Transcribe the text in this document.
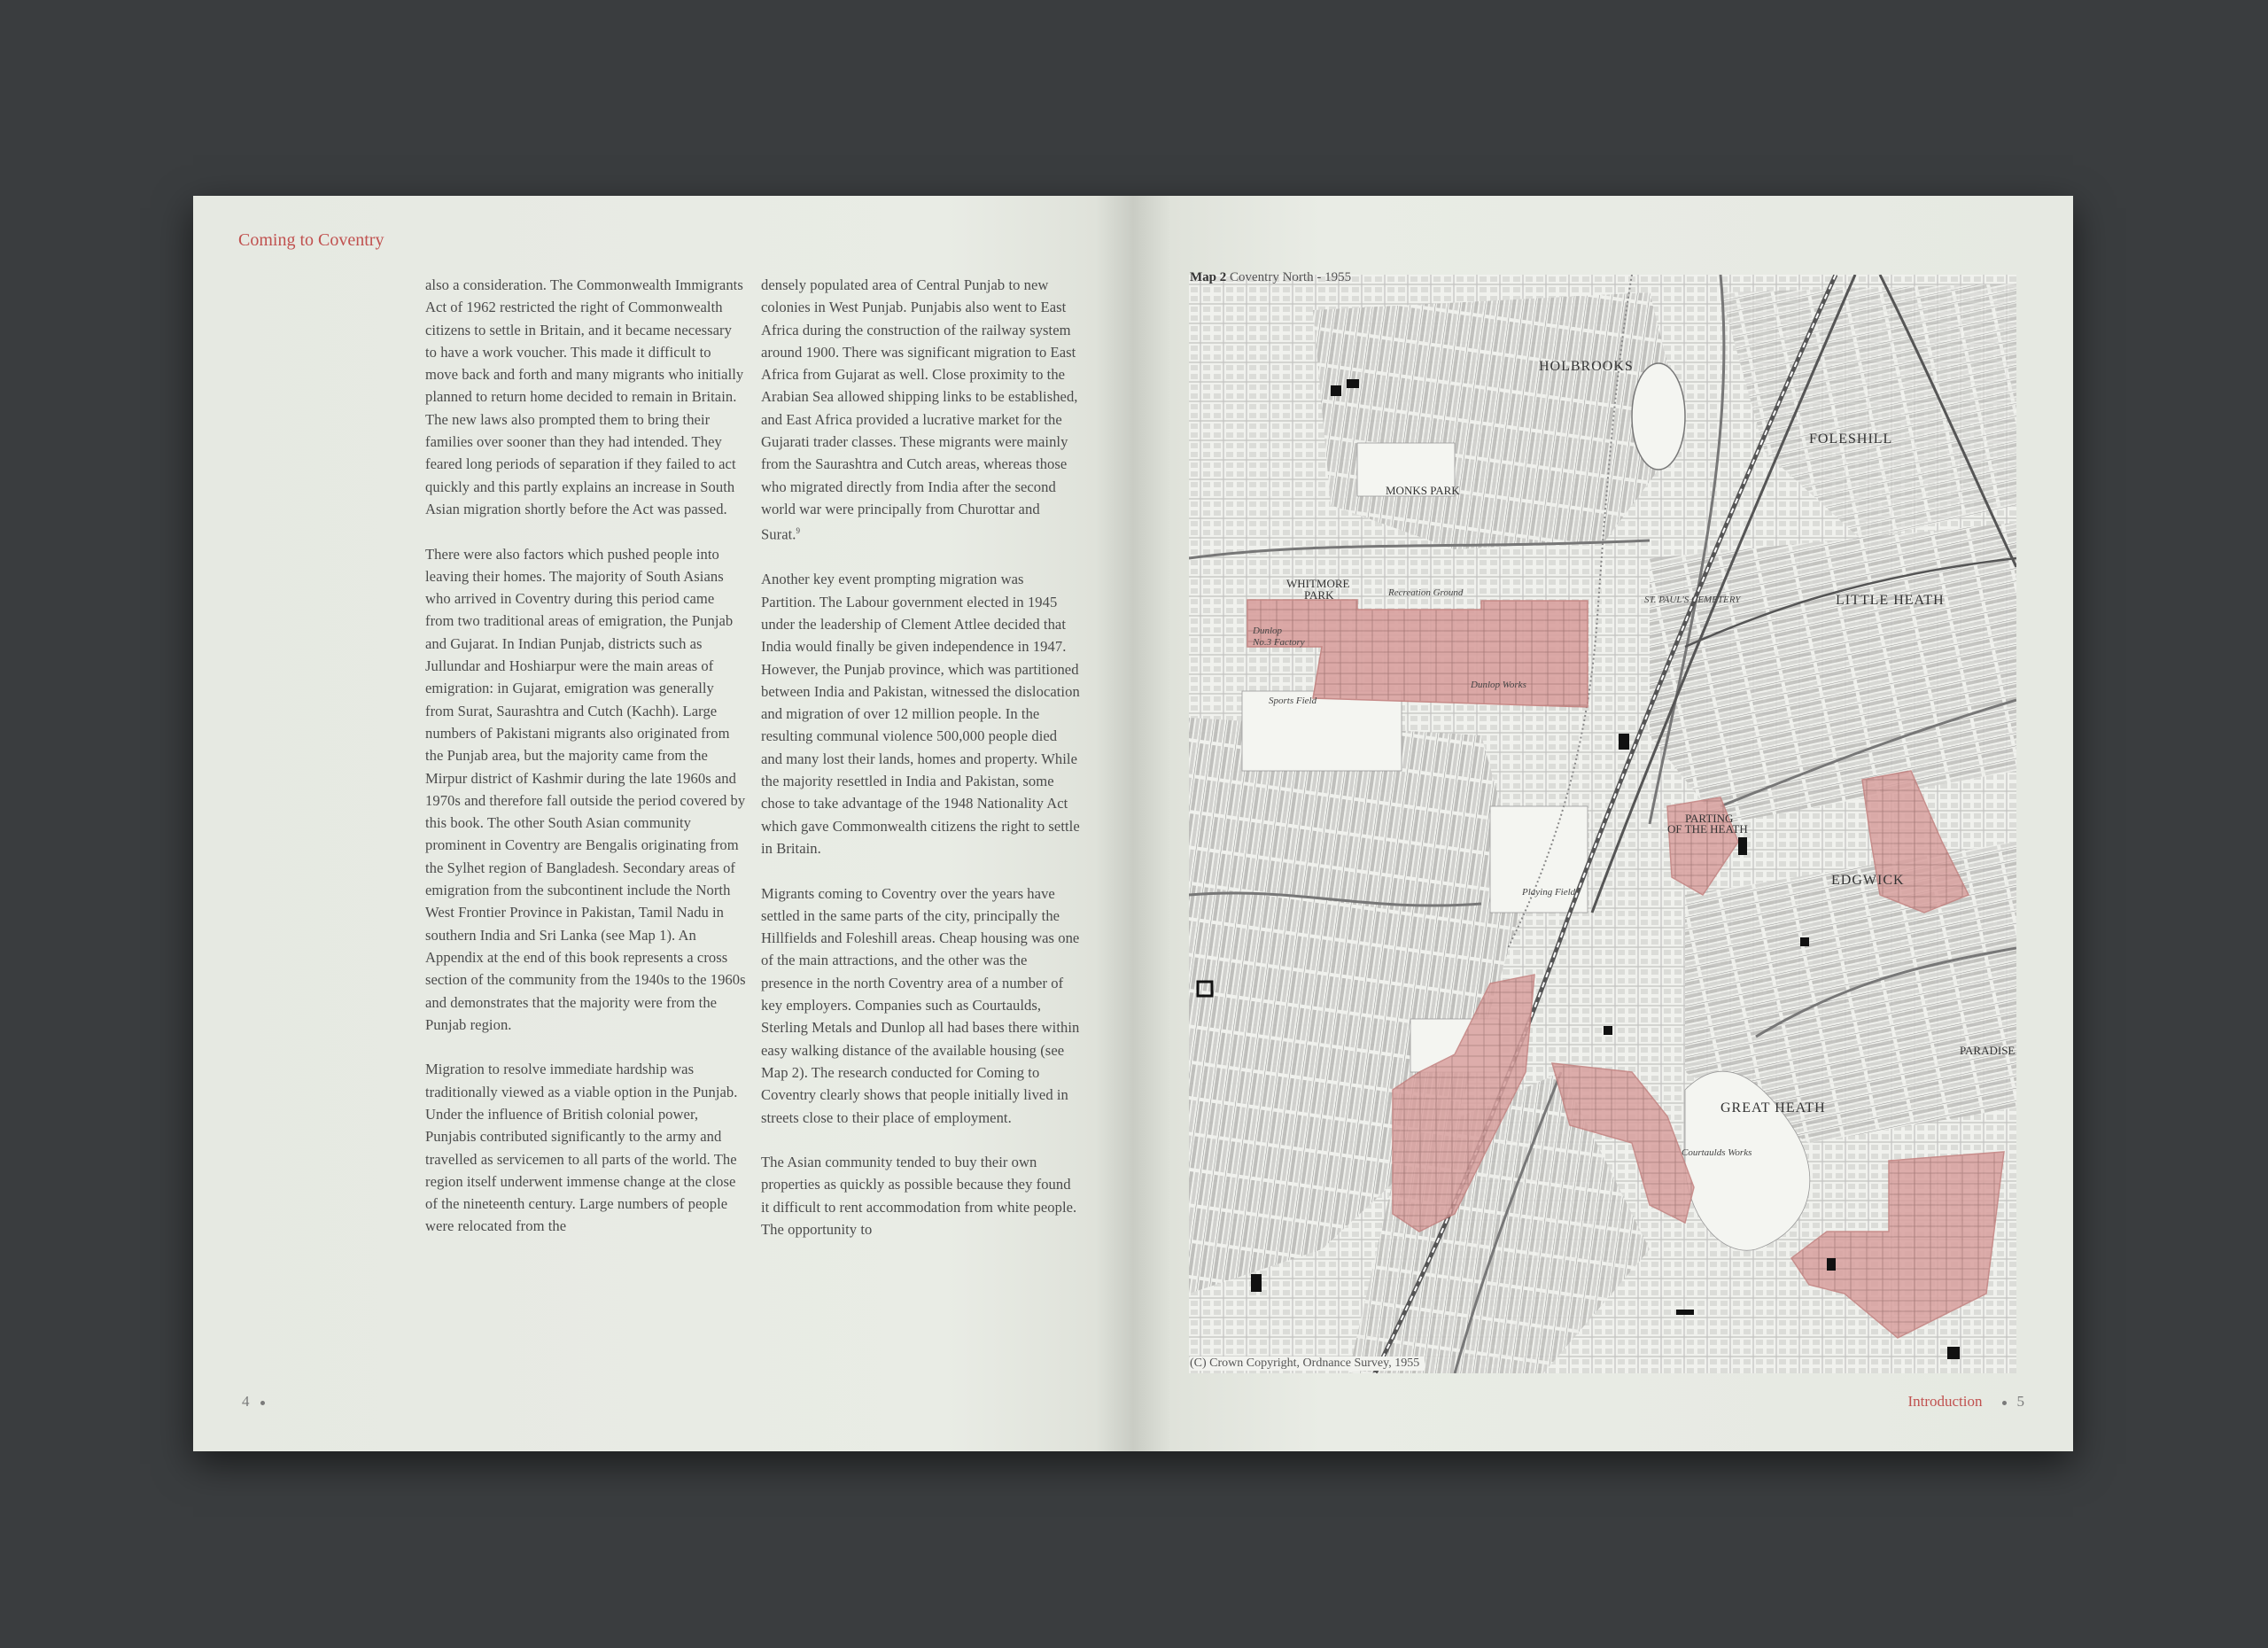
Coming to Coventry

also a consideration. The Commonwealth Immigrants Act of 1962 restricted the right of Commonwealth citizens to settle in Britain, and it became necessary to have a work voucher. This made it difficult to move back and forth and many migrants who initially planned to return home decided to remain in Britain. The new laws also prompted them to bring their families over sooner than they had intended. They feared long periods of separation if they failed to act quickly and this partly explains an increase in South Asian migration shortly before the Act was passed.

There were also factors which pushed people into leaving their homes. The majority of South Asians who arrived in Coventry during this period came from two traditional areas of emigration, the Punjab and Gujarat. In Indian Punjab, districts such as Jullundar and Hoshiarpur were the main areas of emigration: in Gujarat, emigration was generally from Surat, Saurashtra and Cutch (Kachh). Large numbers of Pakistani migrants also originated from the Punjab area, but the majority came from the Mirpur district of Kashmir during the late 1960s and 1970s and therefore fall outside the period covered by this book. The other South Asian community prominent in Coventry are Bengalis originating from the Sylhet region of Bangladesh. Secondary areas of emigration from the subcontinent include the North West Frontier Province in Pakistan, Tamil Nadu in southern India and Sri Lanka (see Map 1). An Appendix at the end of this book represents a cross section of the community from the 1940s to the 1960s and demonstrates that the majority were from the Punjab region.

Migration to resolve immediate hardship was traditionally viewed as a viable option in the Punjab. Under the influence of British colonial power, Punjabis contributed significantly to the army and travelled as servicemen to all parts of the world. The region itself underwent immense change at the close of the nineteenth century. Large numbers of people were relocated from the

densely populated area of Central Punjab to new colonies in West Punjab. Punjabis also went to East Africa during the construction of the railway system around 1900. There was significant migration to East Africa from Gujarat as well. Close proximity to the Arabian Sea allowed shipping links to be established, and East Africa provided a lucrative market for the Gujarati trader classes. These migrants were mainly from the Saurashtra and Cutch areas, whereas those who migrated directly from India after the second world war were principally from Churottar and Surat.$^9$

Another key event prompting migration was Partition. The Labour government elected in 1945 under the leadership of Clement Attlee decided that India would finally be given independence in 1947. However, the Punjab province, which was partitioned between India and Pakistan, witnessed the dislocation and migration of over 12 million people. In the resulting communal violence 500,000 people died and many lost their lands, homes and property. While the majority resettled in India and Pakistan, some chose to take advantage of the 1948 Nationality Act which gave Commonwealth citizens the right to settle in Britain.

Migrants coming to Coventry over the years have settled in the same parts of the city, principally the Hillfields and Foleshill areas. Cheap housing was one of the main attractions, and the other was the presence in the north Coventry area of a number of key employers. Companies such as Courtaulds, Sterling Metals and Dunlop all had bases there within easy walking distance of the available housing (see Map 2). The research conducted for Coming to Coventry clearly shows that people initially lived in streets close to their place of employment.

The Asian community tended to buy their own properties as quickly as possible because they found it difficult to rent accommodation from white people. The opportunity to

4
HOLBROOKS
FOLESHILL
MONKS PARK
WHITMORE
PARK	LITTLE HEATH
PARTING
OF THE HEATH
EDGWICK
GREAT HEATH
PARADISE
Dunlop
No.3 Factory
Dunlop Works
Sports Field
Playing Field
Recreation Ground
ST. PAUL'S CEMETERY
Courtaulds Works
Map 2 Coventry North - 1955
(C) Crown Copyright, Ordnance Survey, 1955
Introduction 5
